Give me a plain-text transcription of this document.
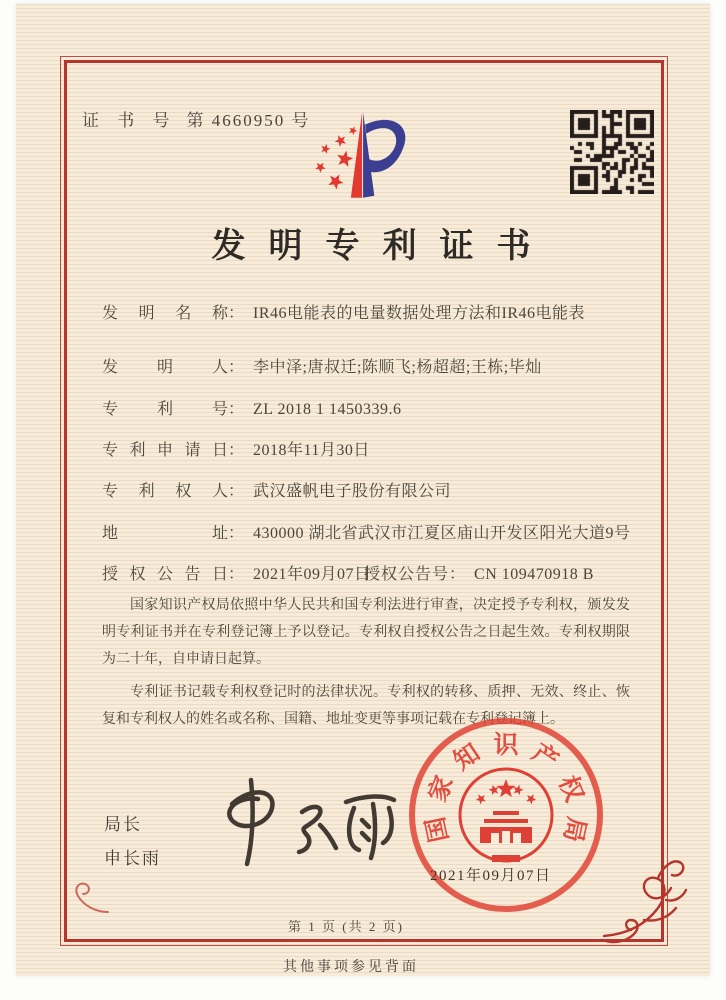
证 书 号 第 4660950 号
发明专利证书
发明名称： IR46电能表的电量数据处理方法和IR46电能表
发明人： 李中泽;唐叔迁;陈顺飞;杨超超;王栋;毕灿
专利号： ZL 2018 1 1450339.6
专利申请日： 2018年11月30日
专利权人： 武汉盛帆电子股份有限公司
地址： 430000 湖北省武汉市江夏区庙山开发区阳光大道9号
授权公告日： 2021年09月07日
授权公告号： CN 109470918 B

国家知识产权局依照中华人民共和国专利法进行审查，决定授予专利权，颁发发明专利证书并在专利登记簿上予以登记。专利权自授权公告之日起生效。专利权期限为二十年，自申请日起算。

专利证书记载专利权登记时的法律状况。专利权的转移、质押、无效、终止、恢复和专利权人的姓名或名称、国籍、地址变更等事项记载在专利登记簿上。

局长
申长雨
国
家
知 识 产
权
局
2021年09月07日
第 1 页 (共 2 页)
其他事项参见背面
